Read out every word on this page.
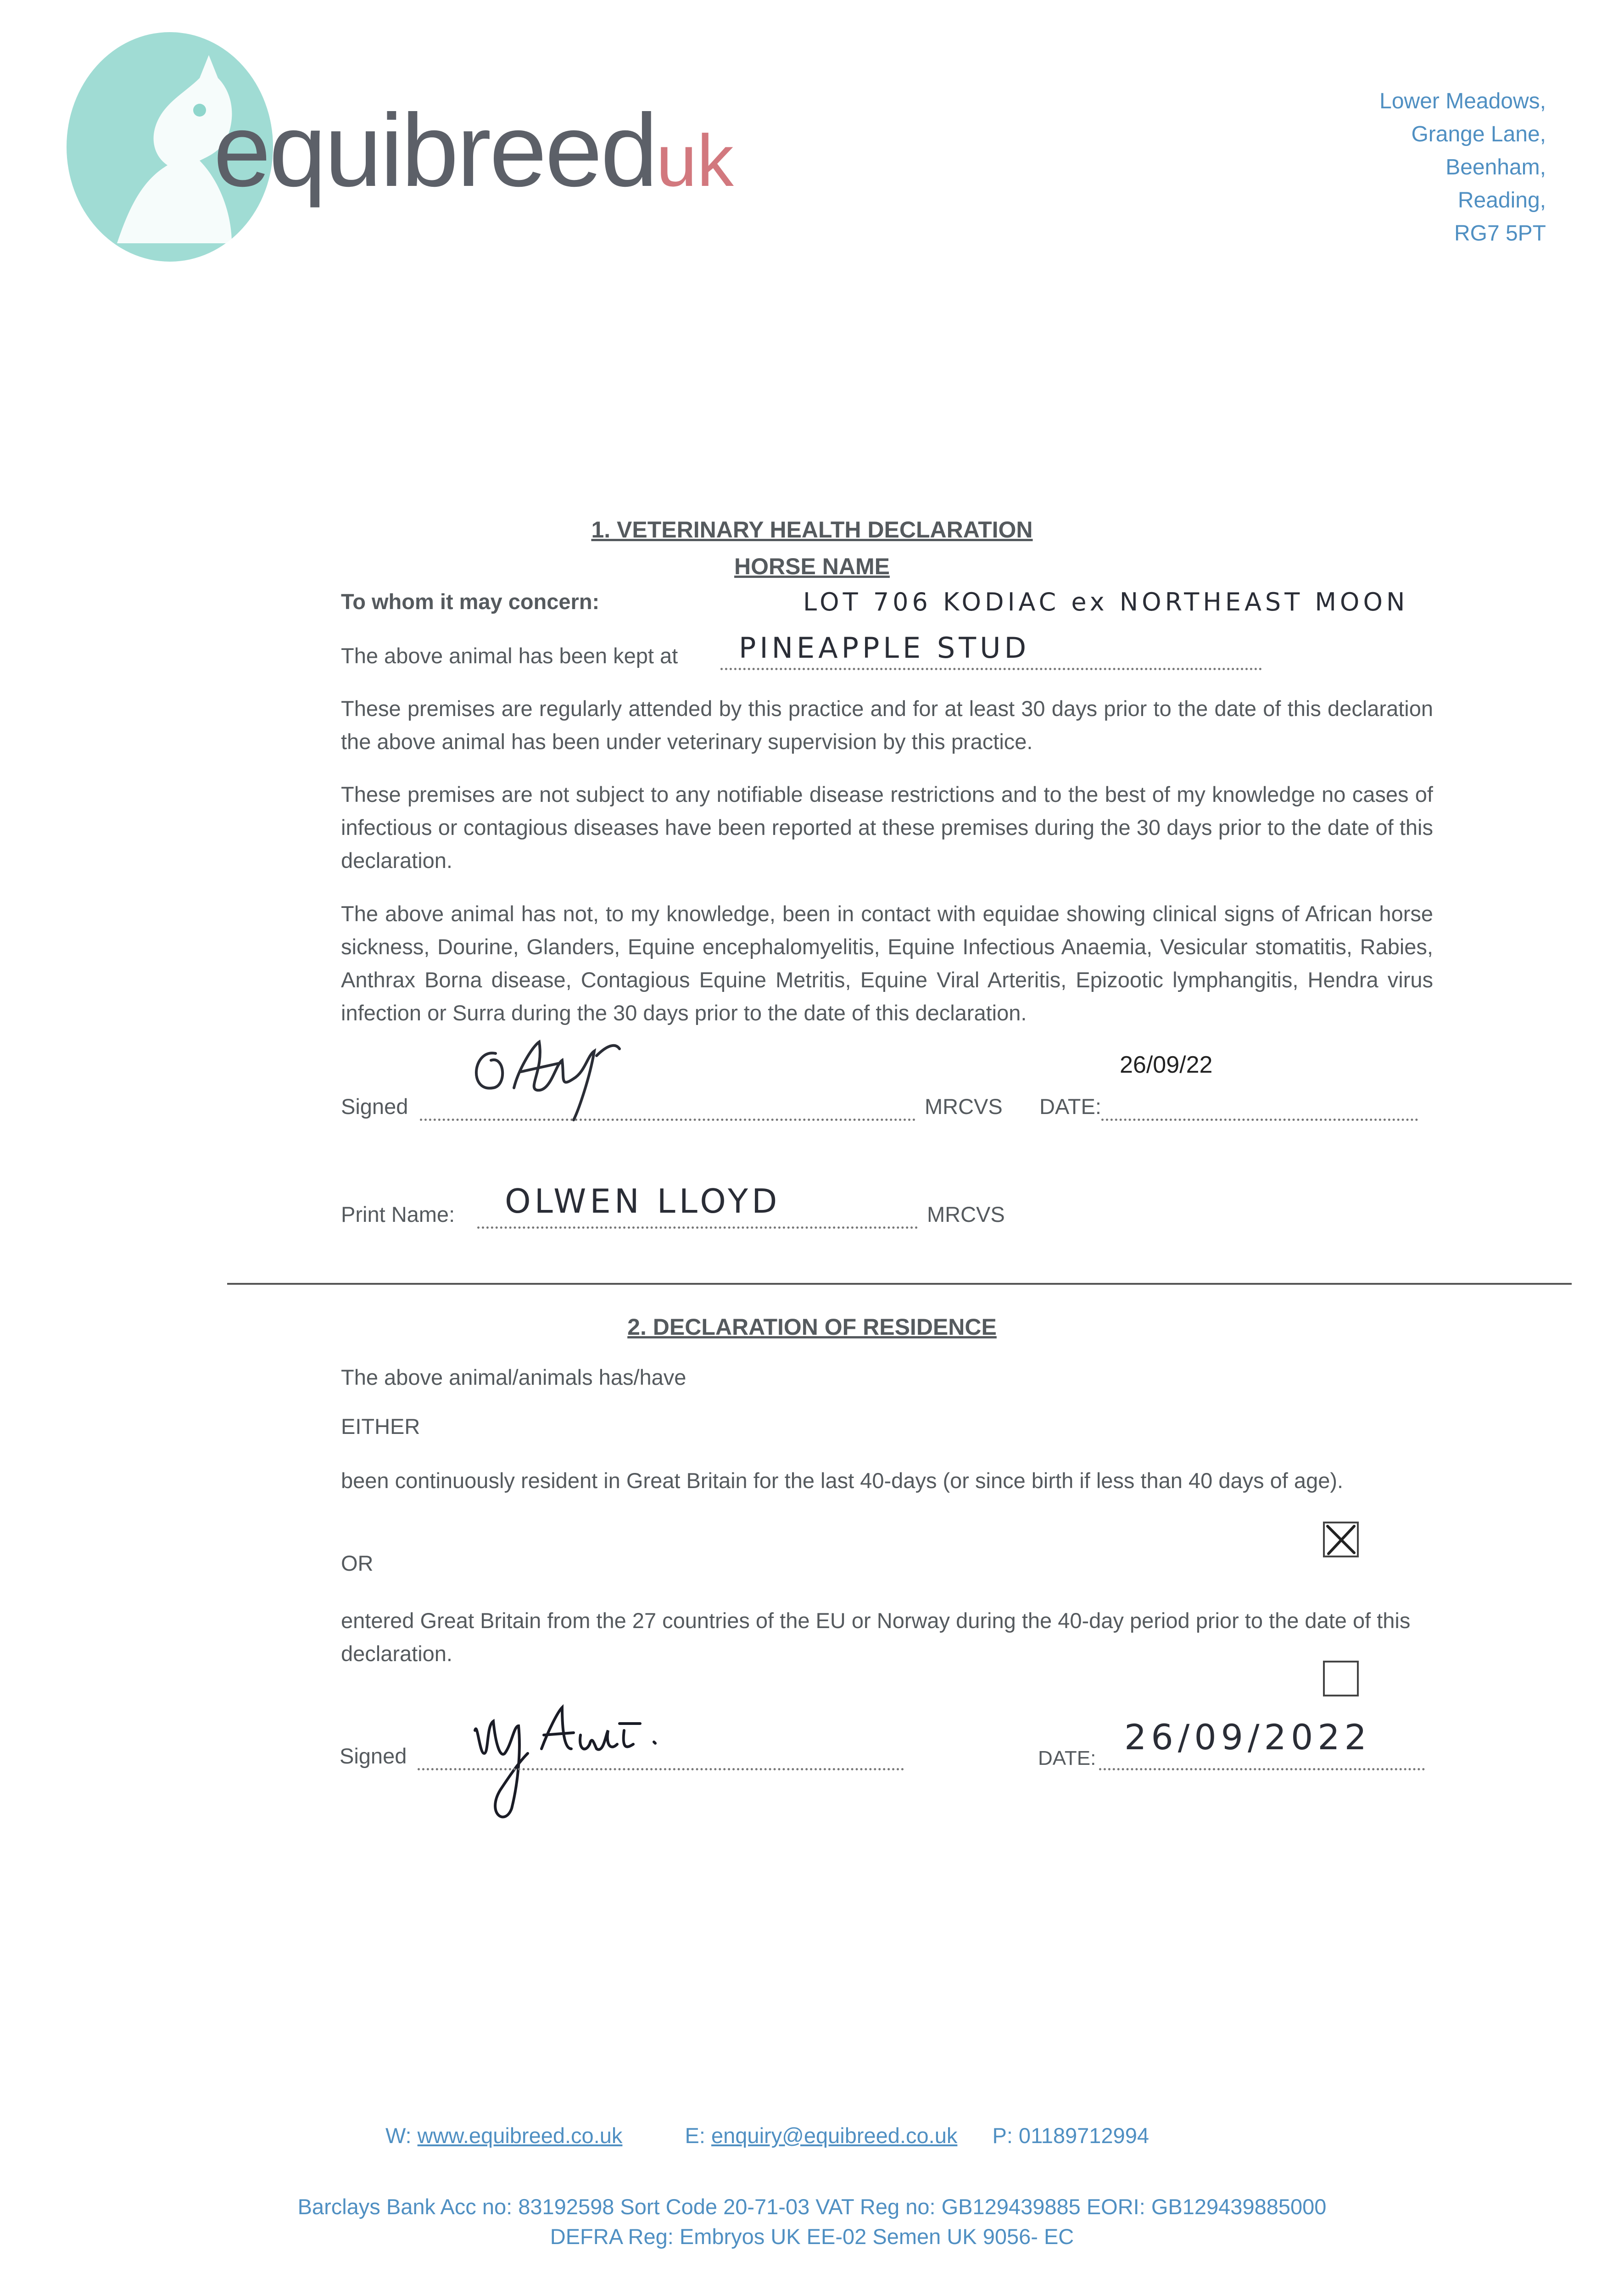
equibreeduk
Lower Meadows,
Grange Lane,
Beenham,
Reading,
RG7 5PT
1. VETERINARY HEALTH DECLARATION
HORSE NAME
To whom it may concern:	LOT 706 KODIAC ex NORTHEAST MOON
The above animal has been kept at PINEAPPLE STUD
These premises are regularly attended by this practice and for at least 30 days prior to the date of this declaration the above animal has been under veterinary supervision by this practice.
These premises are not subject to any notifiable disease restrictions and to the best of my knowledge no cases of infectious or contagious diseases have been reported at these premises during the 30 days prior to the date of this declaration.
The above animal has not, to my knowledge, been in contact with equidae showing clinical signs of African horse sickness, Dourine, Glanders, Equine encephalomyelitis, Equine Infectious Anaemia, Vesicular stomatitis, Rabies, Anthrax Borna disease, Contagious Equine Metritis, Equine Viral Arteritis, Epizootic lymphangitis, Hendra virus infection or Surra during the 30 days prior to the date of this declaration.
Signed	MRCVS DATE:
26/09/22
Print Name: OLWEN LLOYD	MRCVS
2. DECLARATION OF RESIDENCE
The above animal/animals has/have
EITHER
been continuously resident in Great Britain for the last 40-days (or since birth if less than 40 days of age).
OR
entered Great Britain from the 27 countries of the EU or Norway during the 40-day period prior to the date of this declaration.
Signed	DATE:
26/09/2022
W: www.equibreed.co.uk	E: enquiry@equibreed.co.uk P: 01189712994
Barclays Bank Acc no: 83192598 Sort Code 20-71-03 VAT Reg no: GB129439885 EORI: GB129439885000
DEFRA Reg: Embryos UK EE-02 Semen UK 9056- EC
